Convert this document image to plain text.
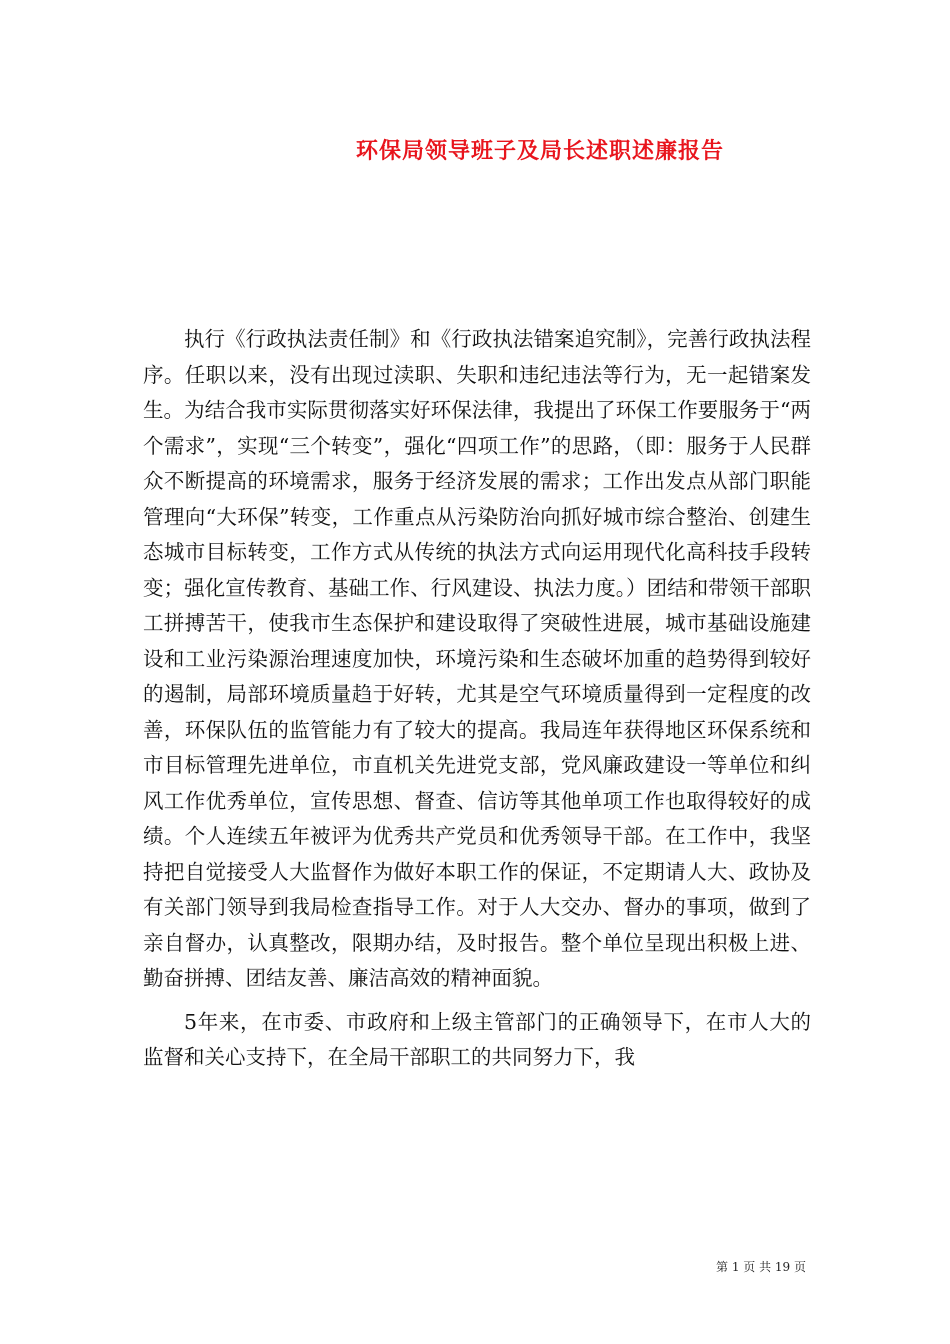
环保局领导班子及局长述职述廉报告

执行《行政执法责任制》和《行政执法错案追究制》，完善行政执法程序。任职以来，没有出现过渎职、失职和违纪违法等行为，无一起错案发生。为结合我市实际贯彻落实好环保法律，我提出了环保工作要服务于“两个需求”，实现“三个转变”，强化“四项工作”的思路，（即：服务于人民群众不断提高的环境需求，服务于经济发展的需求；工作出发点从部门职能管理向“大环保”转变，工作重点从污染防治向抓好城市综合整治、创建生态城市目标转变，工作方式从传统的执法方式向运用现代化高科技手段转变；强化宣传教育、基础工作、行风建设、执法力度。）团结和带领干部职工拼搏苦干，使我市生态保护和建设取得了突破性进展，城市基础设施建设和工业污染源治理速度加快，环境污染和生态破坏加重的趋势得到较好的遏制，局部环境质量趋于好转，尤其是空气环境质量得到一定程度的改善，环保队伍的监管能力有了较大的提高。我局连年获得地区环保系统和市目标管理先进单位，市直机关先进党支部，党风廉政建设一等单位和纠风工作优秀单位，宣传思想、督查、信访等其他单项工作也取得较好的成绩。个人连续五年被评为优秀共产党员和优秀领导干部。在工作中，我坚持把自觉接受人大监督作为做好本职工作的保证，不定期请人大、政协及有关部门领导到我局检查指导工作。对于人大交办、督办的事项，做到了亲自督办，认真整改，限期办结，及时报告。整个单位呈现出积极上进、勤奋拼搏、团结友善、廉洁高效的精神面貌。

5年来，在市委、市政府和上级主管部门的正确领导下，在市人大的监督和关心支持下，在全局干部职工的共同努力下，我

第 1 页 共 19 页
